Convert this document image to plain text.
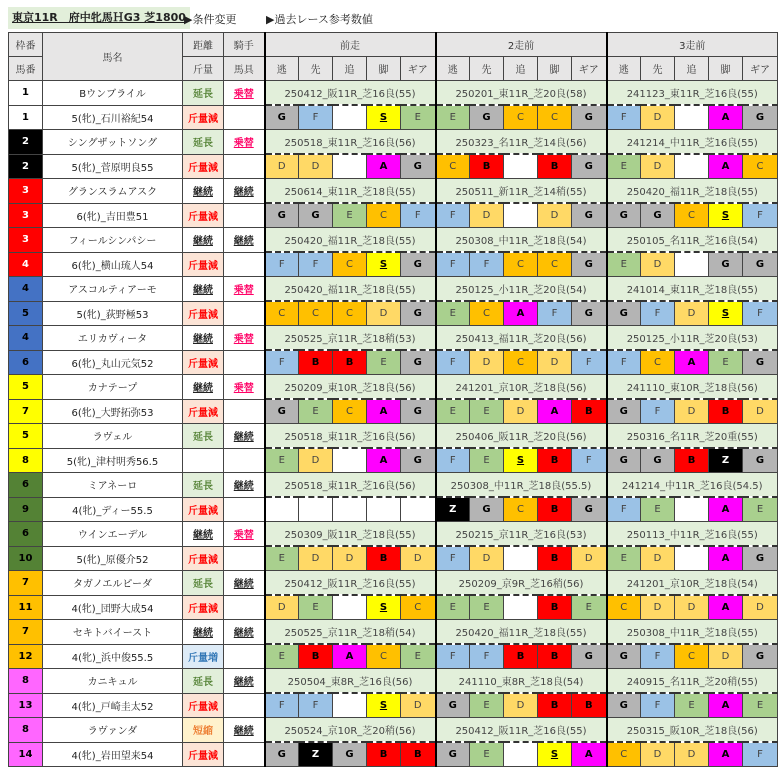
東京11R　府中牝馬ＨG3 芝1800
▶条件変更	▶過去レース参考数値
枠番	馬名	距離	騎手	前走					2走前					3走前				
馬番		斤量	馬具	逃	先	追	脚	ギア	逃	先	追	脚	ギア	逃	先	追	脚	ギア
1	Bウンブライル	延長	乗替	250412_阪11R_芝16良(55)					250201_東11R_芝20良(58)					241123_東11R_芝16良(55)				
1	5(牝)_石川裕紀54	斤量減		G	F		S	E	E	G	C	C	G	F	D		A	G
2	シングザットソング	延長	乗替	250518_東11R_芝16良(56)					250323_名11R_芝14良(56)					241214_中11R_芝16良(55)				
2	5(牝)_菅原明良55	斤量減		D	D		A	G	C	B		B	G	E	D		A	C
3	グランスラムアスク	継続	継続	250614_東11R_芝18良(55)					250511_新11R_芝14稍(55)					250420_福11R_芝18良(55)				
3	6(牝)_吉田豊51	斤量減		G	G	E	C	F	F	D		D	G	G	G	C	S	F
3	フィールシンパシー	継続	継続	250420_福11R_芝18良(55)					250308_中11R_芝18良(54)					250105_名11R_芝16良(54)				
4	6(牝)_横山琉人54	斤量減		F	F	C	S	G	F	F	C	C	G	E	D		G	G
4	アスコルティアーモ	継続	乗替	250420_福11R_芝18良(55)					250125_小11R_芝20良(54)					241014_東11R_芝18良(55)				
5	5(牝)_荻野極53	斤量減		C	C	C	D	G	E	C	A	F	G	G	F	D	S	F
4	エリカヴィータ	継続	乗替	250525_京11R_芝18稍(53)					250413_福11R_芝20良(56)					250125_小11R_芝20良(53)				
6	6(牝)_丸山元気52	斤量減		F	B	B	E	G	F	D	C	D	F	F	C	A	E	G
5	カナテープ	継続	乗替	250209_東10R_芝18良(56)					241201_京10R_芝18良(56)					241110_東10R_芝18良(56)				
7	6(牝)_大野拓弥53	斤量減		G	E	C	A	G	E	E	D	A	B	G	F	D	B	D
5	ラヴェル	延長	継続	250518_東11R_芝16良(56)					250406_阪11R_芝20良(56)					250316_名11R_芝20重(55)				
8	5(牝)_津村明秀56.5			E	D		A	G	F	E	S	B	F	G	G	B	Z	G
6	ミアネーロ	延長	継続	250518_東11R_芝16良(56)					250308_中11R_芝18良(55.5)					241214_中11R_芝16良(54.5)				
9	4(牝)_ディー55.5	斤量減							Z	G	C	B	G	F	E		A	E
6	ウインエーデル	継続	乗替	250309_阪11R_芝18良(55)					250215_京11R_芝16良(53)					250113_中11R_芝16良(55)				
10	5(牝)_原優介52	斤量減		E	D	D	B	D	F	D		B	D	E	D		A	G
7	タガノエルピーダ	延長	継続	250412_阪11R_芝16良(55)					250209_京9R_芝16稍(56)					241201_京10R_芝18良(54)				
11	4(牝)_団野大成54	斤量減		D	E		S	C	E	E		B	E	C	D	D	A	D
7	セキトバイースト	継続	継続	250525_京11R_芝18稍(54)					250420_福11R_芝18良(55)					250308_中11R_芝18良(55)				
12	4(牝)_浜中俊55.5	斤量増		E	B	A	C	E	F	F	B	B	G	G	F	C	D	G
8	カニキュル	延長	継続	250504_東8R_芝16良(56)					241110_東8R_芝18良(54)					240915_名11R_芝20稍(55)				
13	4(牝)_戸崎圭太52	斤量減		F	F		S	D	G	E	D	B	B	G	F	E	A	E
8	ラヴァンダ	短縮	継続	250524_京10R_芝20稍(56)					250412_阪11R_芝16良(55)					250315_阪10R_芝18良(56)				
14	4(牝)_岩田望来54	斤量減		G	Z	G	B	B	G	E		S	A	C	D	D	A	F
